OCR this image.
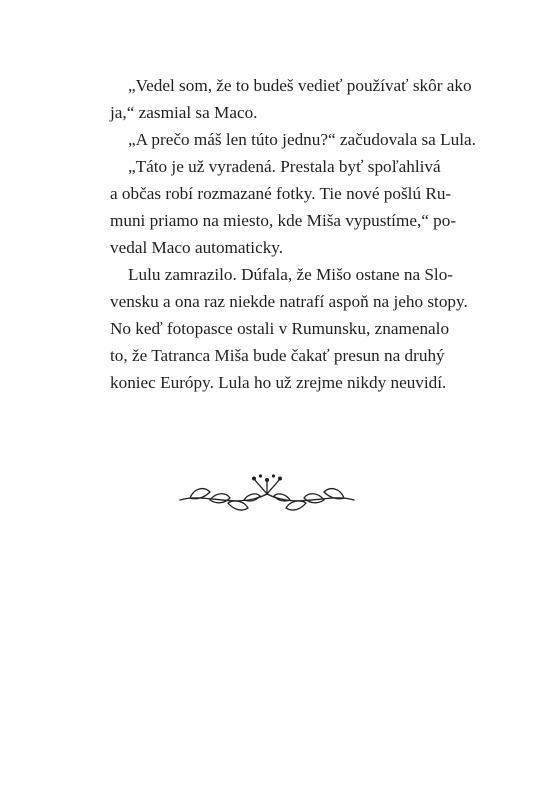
„Vedel som, že to budeš vedieť používať skôr ako
ja,“ zasmial sa Maco.
„A prečo máš len túto jednu?“ začudovala sa Lula.
„Táto je už vyradená. Prestala byť spoľahlivá
a občas robí rozmazané fotky. Tie nové pošlú Ru-
muni priamo na miesto, kde Miša vypustíme,“ po-
vedal Maco automaticky.
Lulu zamrazilo. Dúfala, že Mišo ostane na Slo-
vensku a ona raz niekde natrafí aspoň na jeho stopy.
No keď fotopasce ostali v Rumunsku, znamenalo
to, že Tatranca Miša bude čakať presun na druhý
koniec Európy. Lula ho už zrejme nikdy neuvidí.
